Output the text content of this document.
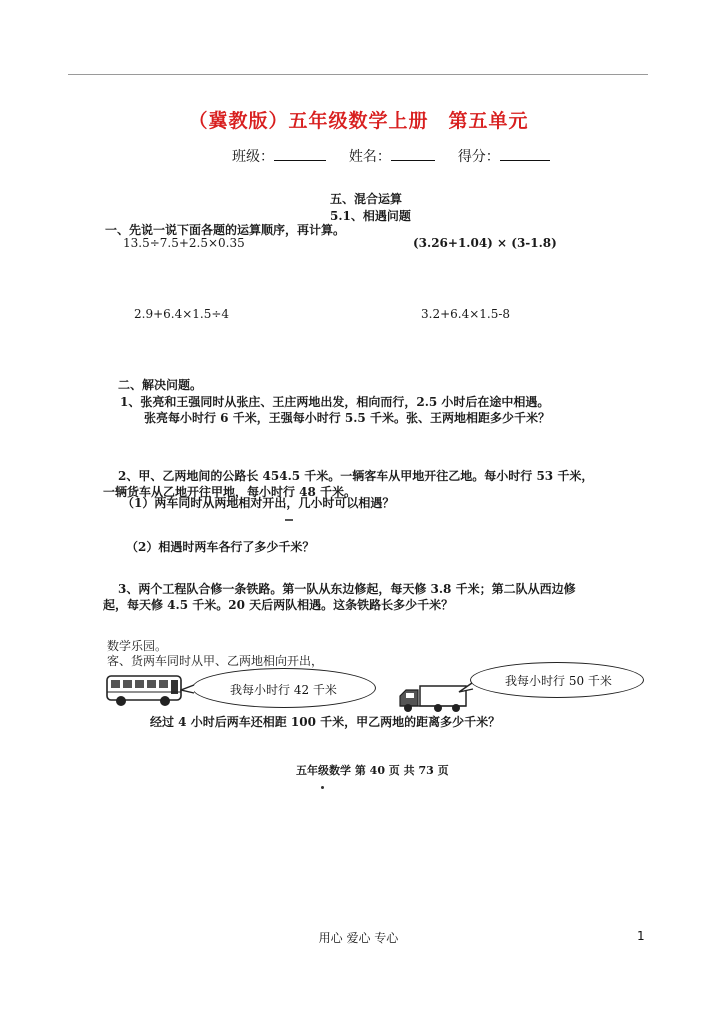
（冀教版）五年级数学上册　第五单元
班级：	姓名：	得分：
五、混合运算
5.1、相遇问题
一、先说一说下面各题的运算顺序，再计算。
13.5÷7.5+2.5×0.35	(3.26+1.04) × (3-1.8)
2.9+6.4×1.5÷4	3.2+6.4×1.5-8
二、解决问题。
1、张亮和王强同时从张庄、王庄两地出发，相向而行，2.5 小时后在途中相遇。
张亮每小时行 6 千米，王强每小时行 5.5 千米。张、王两地相距多少千米？
2、甲、乙两地间的公路长 454.5 千米。一辆客车从甲地开往乙地。每小时行 53 千米，
一辆货车从乙地开往甲地，每小时行 48 千米。
（1）两车同时从两地相对开出，几小时可以相遇？
（2）相遇时两车各行了多少千米？
3、两个工程队合修一条铁路。第一队从东边修起，每天修 3.8 千米；第二队从西边修
起，每天修 4.5 千米。20 天后两队相遇。这条铁路长多少千米？
数学乐园。
客、货两车同时从甲、乙两地相向开出，
我每小时行 42 千米
我每小时行 50 千米
经过 4 小时后两车还相距 100 千米，甲乙两地的距离多少千米？
五年级数学 第 40 页 共 73 页
用心 爱心 专心	1
